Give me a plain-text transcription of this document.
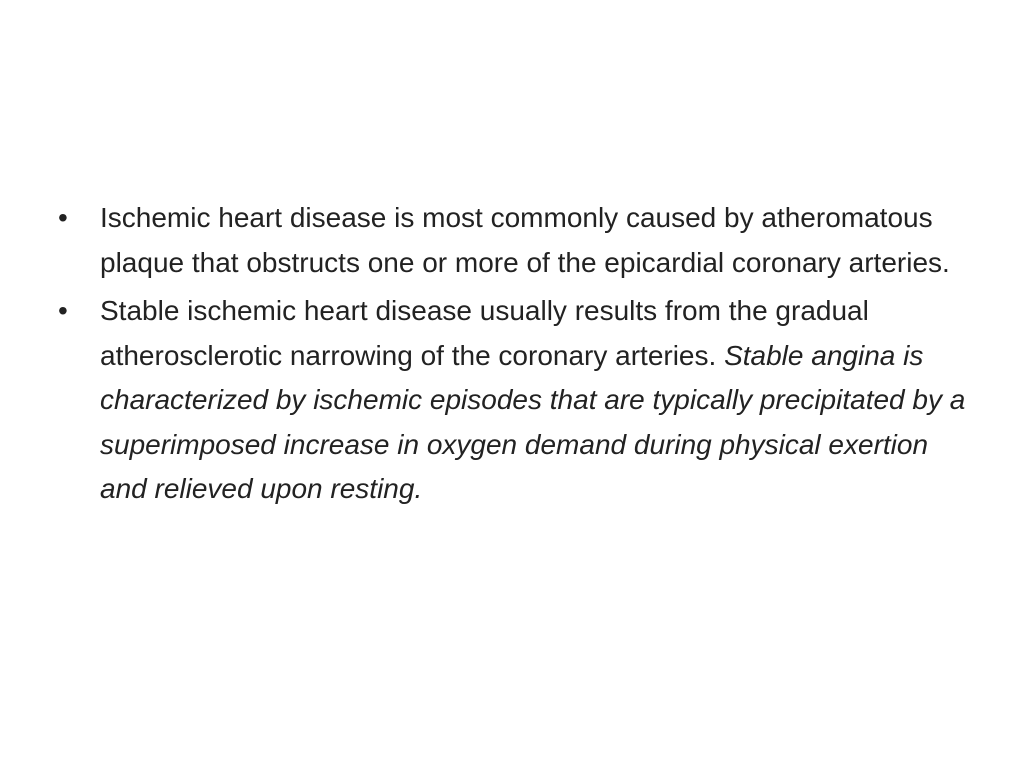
•	Ischemic heart disease is most commonly caused by atheromatous plaque that obstructs one or more of the epicardial coronary arteries.
•	Stable ischemic heart disease usually results from the gradual atherosclerotic narrowing of the coronary arteries. Stable angina is characterized by ischemic episodes that are typically precipitated by a superimposed increase in oxygen demand during physical exertion and relieved upon resting.
